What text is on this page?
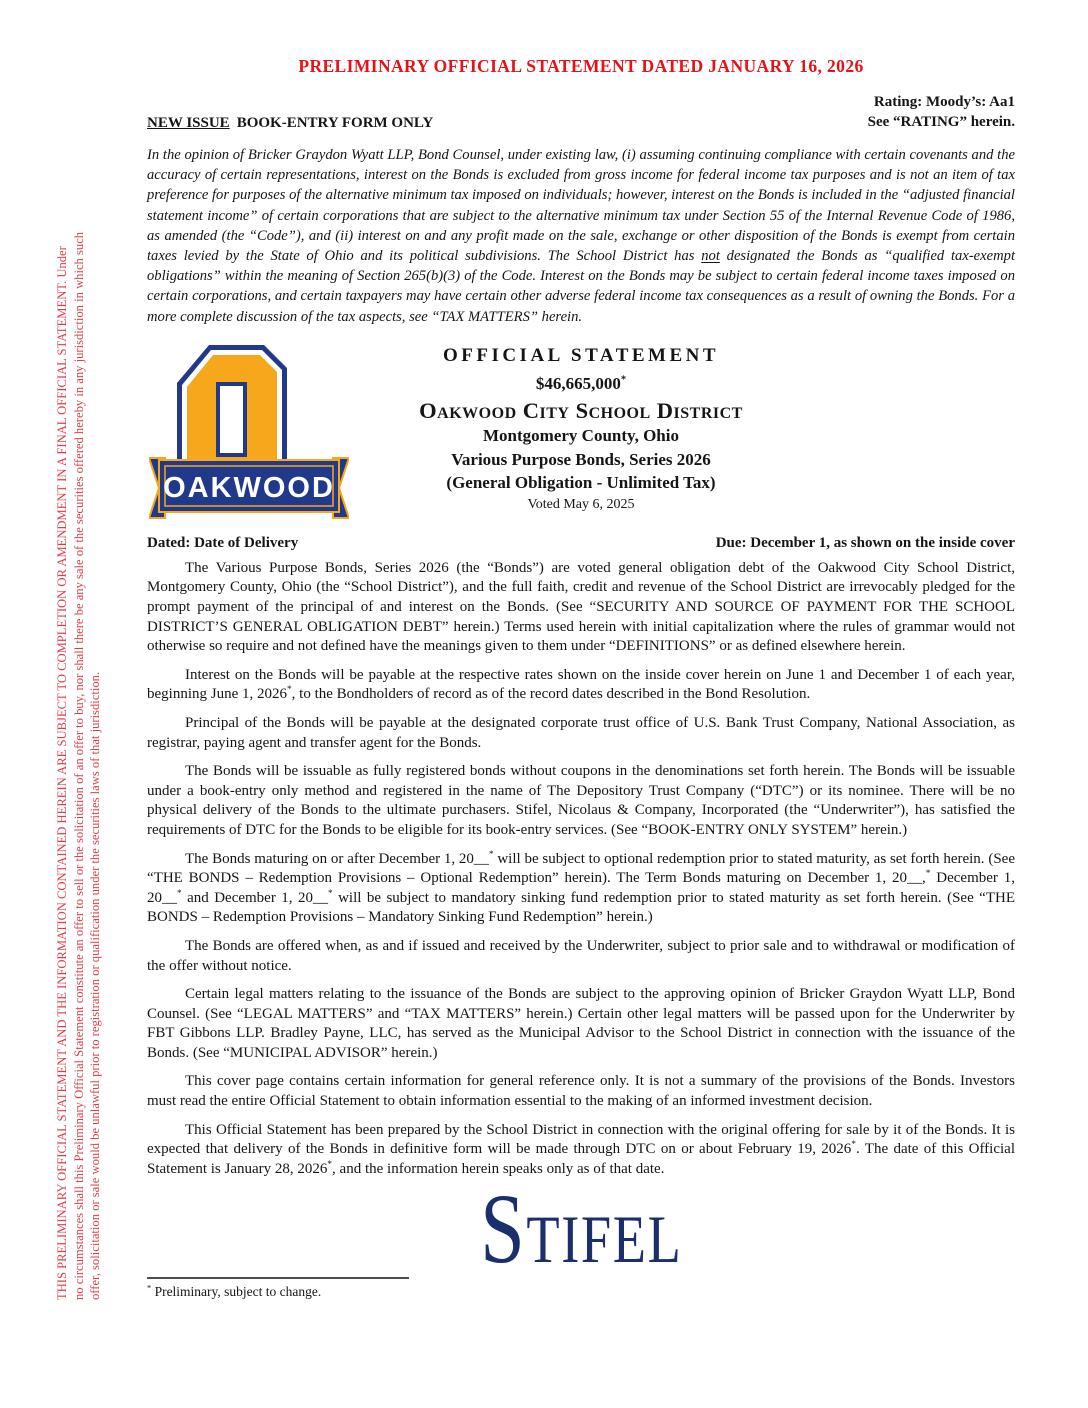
THIS PRELIMINARY OFFICIAL STATEMENT AND THE INFORMATION CONTAINED HEREIN ARE SUBJECT TO COMPLETION OR AMENDMENT IN A FINAL OFFICIAL STATEMENT. Under no circumstances shall this Preliminary Official Statement constitute an offer to sell or the solicitation of an offer to buy, nor shall there be any sale of the securities offered hereby in any jurisdiction in which such offer, solicitation or sale would be unlawful prior to registration or qualification under the securities laws of that jurisdiction.
PRELIMINARY OFFICIAL STATEMENT DATED JANUARY 16, 2026
NEW ISSUE BOOK-ENTRY FORM ONLY
Rating: Moody’s: Aa1
See “RATING” herein.
In the opinion of Bricker Graydon Wyatt LLP, Bond Counsel, under existing law, (i) assuming continuing compliance with certain covenants and the accuracy of certain representations, interest on the Bonds is excluded from gross income for federal income tax purposes and is not an item of tax preference for purposes of the alternative minimum tax imposed on individuals; however, interest on the Bonds is included in the “adjusted financial statement income” of certain corporations that are subject to the alternative minimum tax under Section 55 of the Internal Revenue Code of 1986, as amended (the “Code”), and (ii) interest on and any profit made on the sale, exchange or other disposition of the Bonds is exempt from certain taxes levied by the State of Ohio and its political subdivisions. The School District has not designated the Bonds as “qualified tax-exempt obligations” within the meaning of Section 265(b)(3) of the Code. Interest on the Bonds may be subject to certain federal income taxes imposed on certain corporations, and certain taxpayers may have certain other adverse federal income tax consequences as a result of owning the Bonds. For a more complete discussion of the tax aspects, see “TAX MATTERS” herein.
OAKWOOD
OFFICIAL STATEMENT
$46,665,000*
Oakwood City School District
Montgomery County, Ohio
Various Purpose Bonds, Series 2026
(General Obligation - Unlimited Tax)
Voted May 6, 2025
Dated: Date of Delivery	Due: December 1, as shown on the inside cover

The Various Purpose Bonds, Series 2026 (the “Bonds”) are voted general obligation debt of the Oakwood City School District, Montgomery County, Ohio (the “School District”), and the full faith, credit and revenue of the School District are irrevocably pledged for the prompt payment of the principal of and interest on the Bonds. (See “SECURITY AND SOURCE OF PAYMENT FOR THE SCHOOL DISTRICT’S GENERAL OBLIGATION DEBT” herein.) Terms used herein with initial capitalization where the rules of grammar would not otherwise so require and not defined have the meanings given to them under “DEFINITIONS” or as defined elsewhere herein.

Interest on the Bonds will be payable at the respective rates shown on the inside cover herein on June 1 and December 1 of each year, beginning June 1, 2026*, to the Bondholders of record as of the record dates described in the Bond Resolution.

Principal of the Bonds will be payable at the designated corporate trust office of U.S. Bank Trust Company, National Association, as registrar, paying agent and transfer agent for the Bonds.

The Bonds will be issuable as fully registered bonds without coupons in the denominations set forth herein. The Bonds will be issuable under a book-entry only method and registered in the name of The Depository Trust Company (“DTC”) or its nominee. There will be no physical delivery of the Bonds to the ultimate purchasers. Stifel, Nicolaus & Company, Incorporated (the “Underwriter”), has satisfied the requirements of DTC for the Bonds to be eligible for its book-entry services. (See “BOOK-ENTRY ONLY SYSTEM” herein.)

The Bonds maturing on or after December 1, 20__* will be subject to optional redemption prior to stated maturity, as set forth herein. (See “THE BONDS – Redemption Provisions – Optional Redemption” herein). The Term Bonds maturing on December 1, 20__,* December 1, 20__* and December 1, 20__* will be subject to mandatory sinking fund redemption prior to stated maturity as set forth herein. (See “THE BONDS – Redemption Provisions – Mandatory Sinking Fund Redemption” herein.)

The Bonds are offered when, as and if issued and received by the Underwriter, subject to prior sale and to withdrawal or modification of the offer without notice.

Certain legal matters relating to the issuance of the Bonds are subject to the approving opinion of Bricker Graydon Wyatt LLP, Bond Counsel. (See “LEGAL MATTERS” and “TAX MATTERS” herein.) Certain other legal matters will be passed upon for the Underwriter by FBT Gibbons LLP. Bradley Payne, LLC, has served as the Municipal Advisor to the School District in connection with the issuance of the Bonds. (See “MUNICIPAL ADVISOR” herein.)

This cover page contains certain information for general reference only. It is not a summary of the provisions of the Bonds. Investors must read the entire Official Statement to obtain information essential to the making of an informed investment decision.

This Official Statement has been prepared by the School District in connection with the original offering for sale by it of the Bonds. It is expected that delivery of the Bonds in definitive form will be made through DTC on or about February 19, 2026*. The date of this Official Statement is January 28, 2026*, and the information herein speaks only as of that date.

STIFEL
* Preliminary, subject to change.
